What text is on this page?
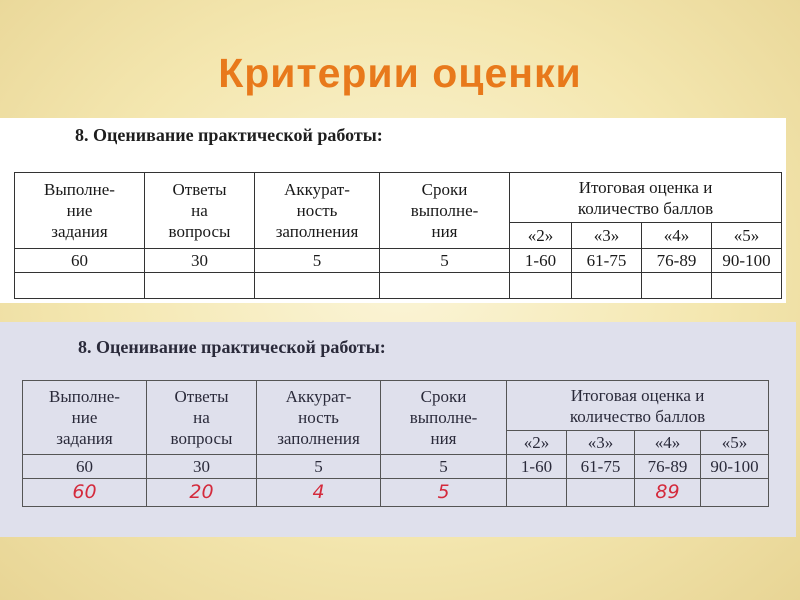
Критерии оценки
8. Оценивание практической работы:
Выполне-
ние
задания	Ответы
на
вопросы	Аккурат-
ность
заполнения	Сроки
выполне-
ния	Итоговая оценка и
количество баллов			
				«2»	«3»	«4»	«5»
60	30	5	5	1-60	61-75	76-89	90-100

8. Оценивание практической работы:
Выполне-
ние
задания	Ответы
на
вопросы	Аккурат-
ность
заполнения	Сроки
выполне-
ния	Итоговая оценка и
количество баллов			
				«2»	«3»	«4»	«5»
60	30	5	5	1-60	61-75	76-89	90-100
60	20	4	5			89	
